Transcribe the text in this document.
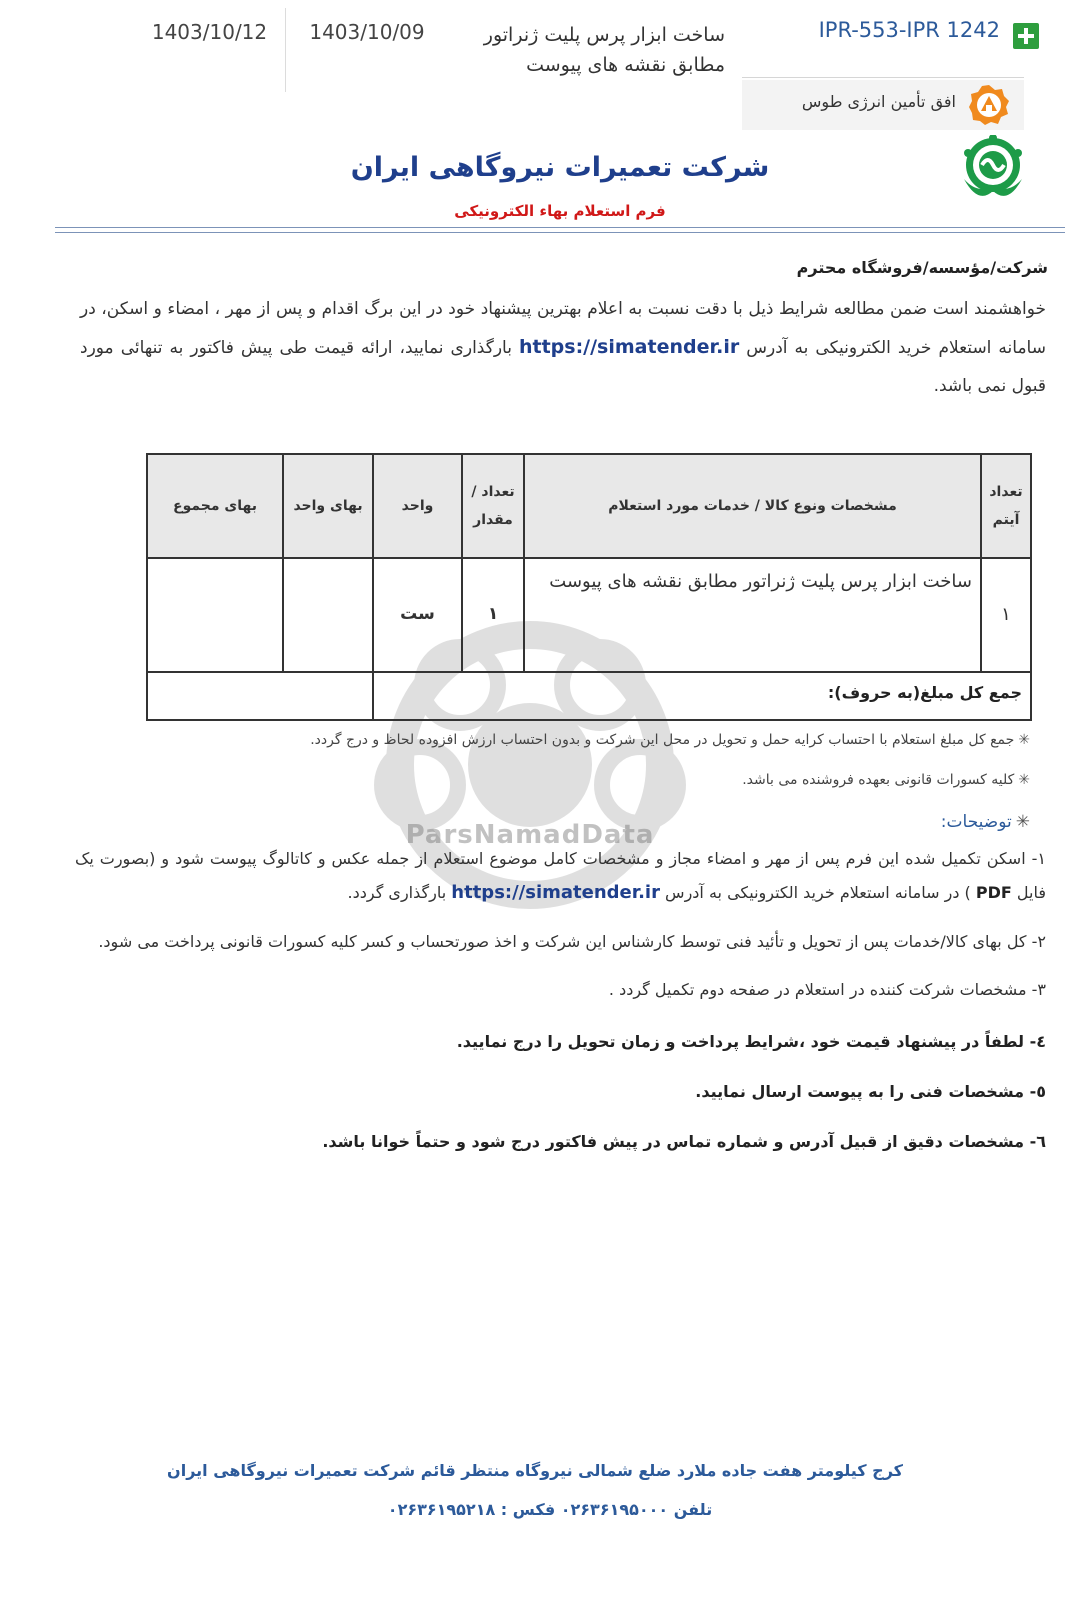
IPR-553-IPR 1242
ساخت ابزار پرس پلیت ژنراتور مطابق نقشه های پیوست
1403/10/09
1403/10/12
افق تأمین انرژی طوس
شرکت تعمیرات نیروگاهی ایران
فرم استعلام بهاء الکترونیکی
شرکت/مؤسسه/فروشگاه محترم
خواهشمند است ضمن مطالعه شرایط ذیل با دقت نسبت به اعلام بهترین پیشنهاد خود در این برگ اقدام و پس از مهر ، امضاء و اسکن، در سامانه استعلام خرید الکترونیکی به آدرس https://simatender.ir بارگذاری نمایید، ارائه قیمت طی پیش فاکتور به تنهائی مورد قبول نمی باشد.
ParsNamadData
تعداد آیتم
مشخصات ونوع کالا / خدمات مورد استعلام
تعداد / مقدار
واحد
بهای واحد
بهای مجموع
١
ساخت ابزار پرس پلیت ژنراتور مطابق نقشه های پیوست
١
ست
جمع کل مبلغ(به حروف):
✳جمع کل مبلغ استعلام با احتساب کرایه حمل و تحویل در محل این شرکت و بدون احتساب ارزش افزوده لحاظ و درج گردد.
✳کلیه کسورات قانونی بعهده فروشنده می باشد.
✳توضیحات:
١- اسکن تکمیل شده این فرم پس از مهر و امضاء مجاز و مشخصات کامل موضوع استعلام از جمله عکس و کاتالوگ پیوست شود و (بصورت یک فایل PDF ) در سامانه استعلام خرید الکترونیکی به آدرس https://simatender.ir بارگذاری گردد.
٢- کل بهای کالا/خدمات پس از تحویل و تأئید فنی توسط کارشناس این شرکت و اخذ صورتحساب و کسر کلیه کسورات قانونی پرداخت می شود.
٣- مشخصات شرکت کننده در استعلام در صفحه دوم تکمیل گردد .
٤- لطفاً در پیشنهاد قیمت خود ،شرایط پرداخت و زمان تحویل را درج نمایید.
٥- مشخصات فنی را به پیوست ارسال نمایید.
٦- مشخصات دقیق از قبیل آدرس و شماره تماس در پیش فاکتور درج شود و حتماً خوانا باشد.
کرج کیلومتر هفت جاده ملارد ضلع شمالی نیروگاه منتظر قائم شرکت تعمیرات نیروگاهی ایران
تلفن ٠٢۶٣۶١٩۵٠٠٠ فکس : ٠٢۶٣۶١٩۵٢١٨
